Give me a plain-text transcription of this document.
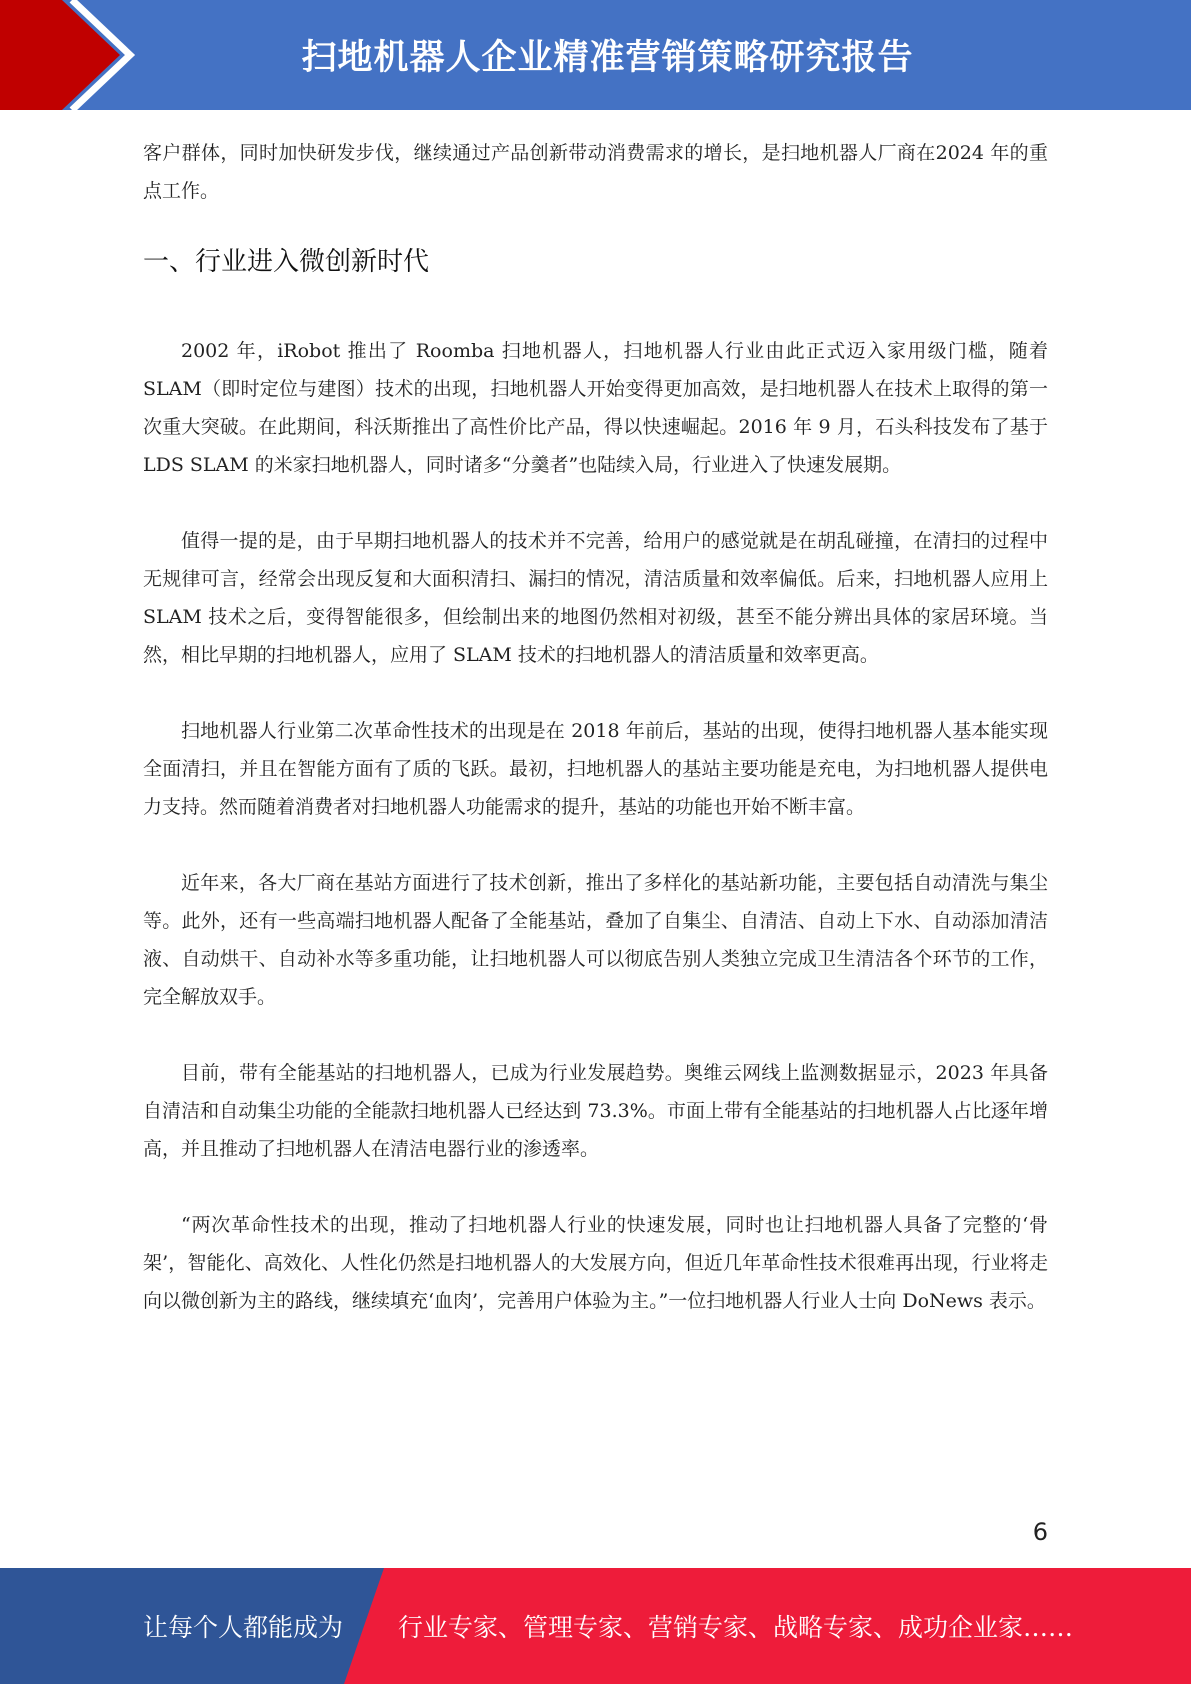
扫地机器人企业精准营销策略研究报告

客户群体，同时加快研发步伐，继续通过产品创新带动消费需求的增长，是扫地机器人厂商在2024 年的重点工作。

一、行业进入微创新时代

2002 年，iRobot 推出了 Roomba 扫地机器人，扫地机器人行业由此正式迈入家用级门槛，随着 SLAM（即时定位与建图）技术的出现，扫地机器人开始变得更加高效，是扫地机器人在技术上取得的第一次重大突破。在此期间，科沃斯推出了高性价比产品，得以快速崛起。2016 年 9 月，石头科技发布了基于 LDS SLAM 的米家扫地机器人，同时诸多“分羹者”也陆续入局，行业进入了快速发展期。

值得一提的是，由于早期扫地机器人的技术并不完善，给用户的感觉就是在胡乱碰撞，在清扫的过程中无规律可言，经常会出现反复和大面积清扫、漏扫的情况，清洁质量和效率偏低。后来，扫地机器人应用上 SLAM 技术之后，变得智能很多，但绘制出来的地图仍然相对初级，甚至不能分辨出具体的家居环境。当然，相比早期的扫地机器人，应用了 SLAM 技术的扫地机器人的清洁质量和效率更高。

扫地机器人行业第二次革命性技术的出现是在 2018 年前后，基站的出现，使得扫地机器人基本能实现全面清扫，并且在智能方面有了质的飞跃。最初，扫地机器人的基站主要功能是充电，为扫地机器人提供电力支持。然而随着消费者对扫地机器人功能需求的提升，基站的功能也开始不断丰富。

近年来，各大厂商在基站方面进行了技术创新，推出了多样化的基站新功能，主要包括自动清洗与集尘等。此外，还有一些高端扫地机器人配备了全能基站，叠加了自集尘、自清洁、自动上下水、自动添加清洁液、自动烘干、自动补水等多重功能，让扫地机器人可以彻底告别人类独立完成卫生清洁各个环节的工作，完全解放双手。

目前，带有全能基站的扫地机器人，已成为行业发展趋势。奥维云网线上监测数据显示，2023 年具备自清洁和自动集尘功能的全能款扫地机器人已经达到 73.3%。市面上带有全能基站的扫地机器人占比逐年增高，并且推动了扫地机器人在清洁电器行业的渗透率。

“两次革命性技术的出现，推动了扫地机器人行业的快速发展，同时也让扫地机器人具备了完整的‘骨架’，智能化、高效化、人性化仍然是扫地机器人的大发展方向，但近几年革命性技术很难再出现，行业将走向以微创新为主的路线，继续填充‘血肉’，完善用户体验为主。”一位扫地机器人行业人士向 DoNews 表示。

6
让每个人都能成为 行业专家、管理专家、营销专家、战略专家、成功企业家……
